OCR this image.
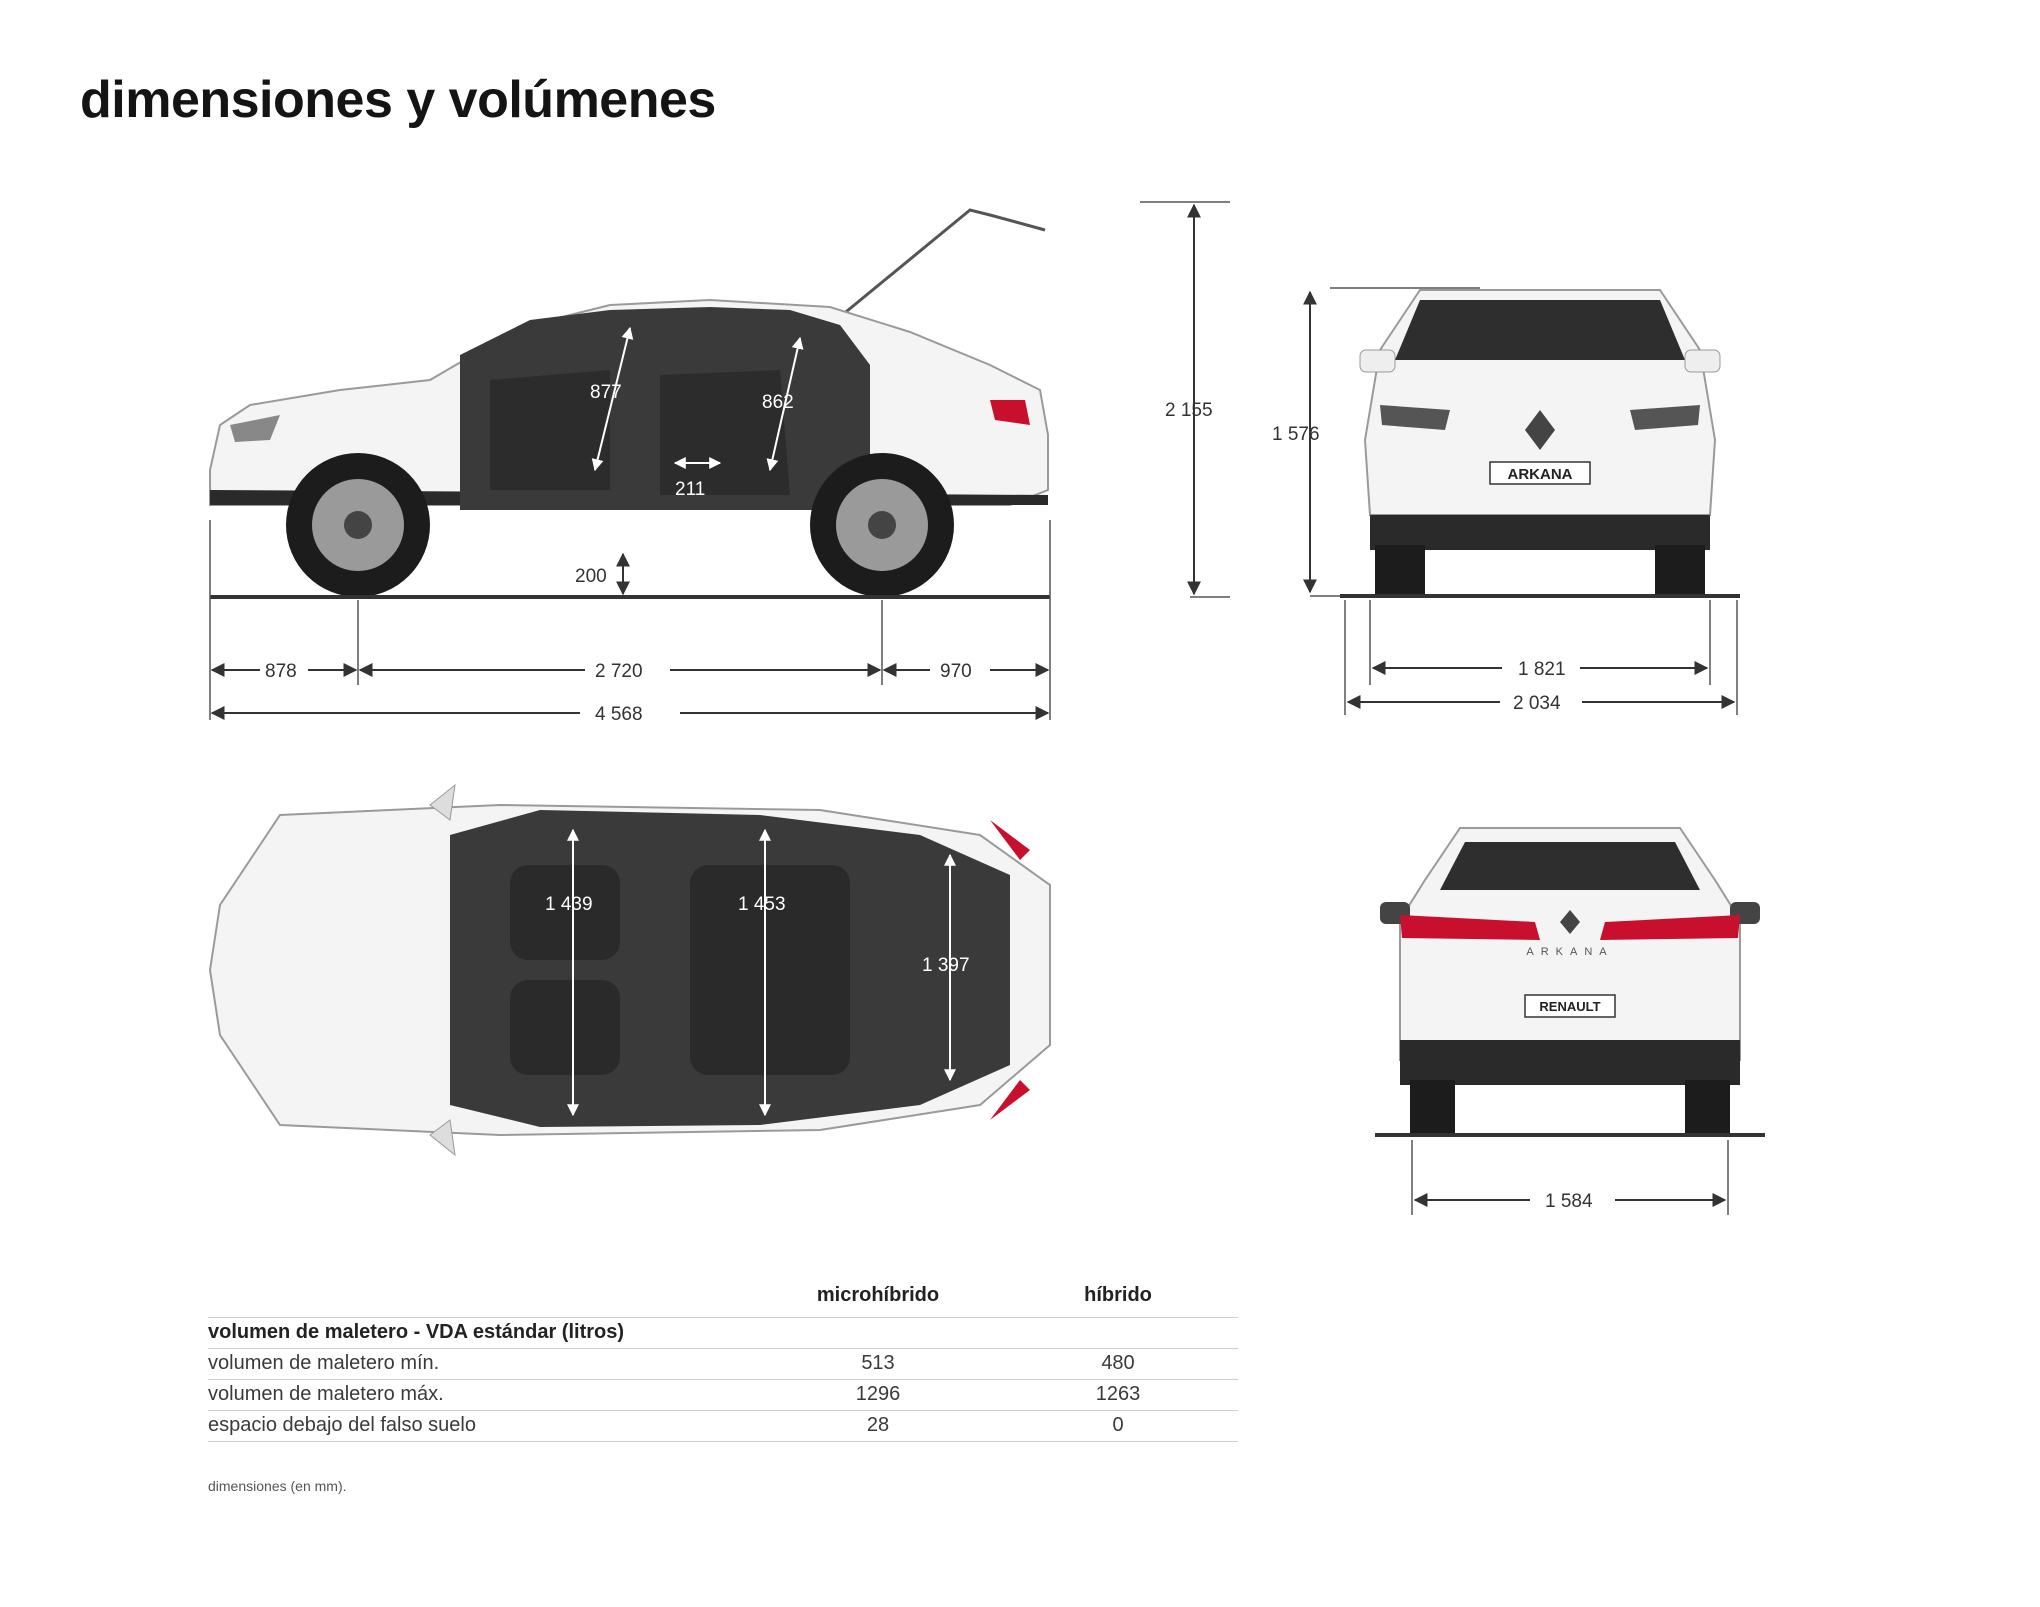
dimensiones y volúmenes
877	862
211
200
878	2 720	970
4 568
2 155
1 576
ARKANA
1 821
2 034
1 439	1 453
1 397
ARKANA
RENAULT
1 584
	microhíbrido	híbrido
volumen de maletero - VDA estándar (litros)		
volumen de maletero mín.	513	480
volumen de maletero máx.	1296	1263
espacio debajo del falso suelo	28	0
dimensiones (en mm).
